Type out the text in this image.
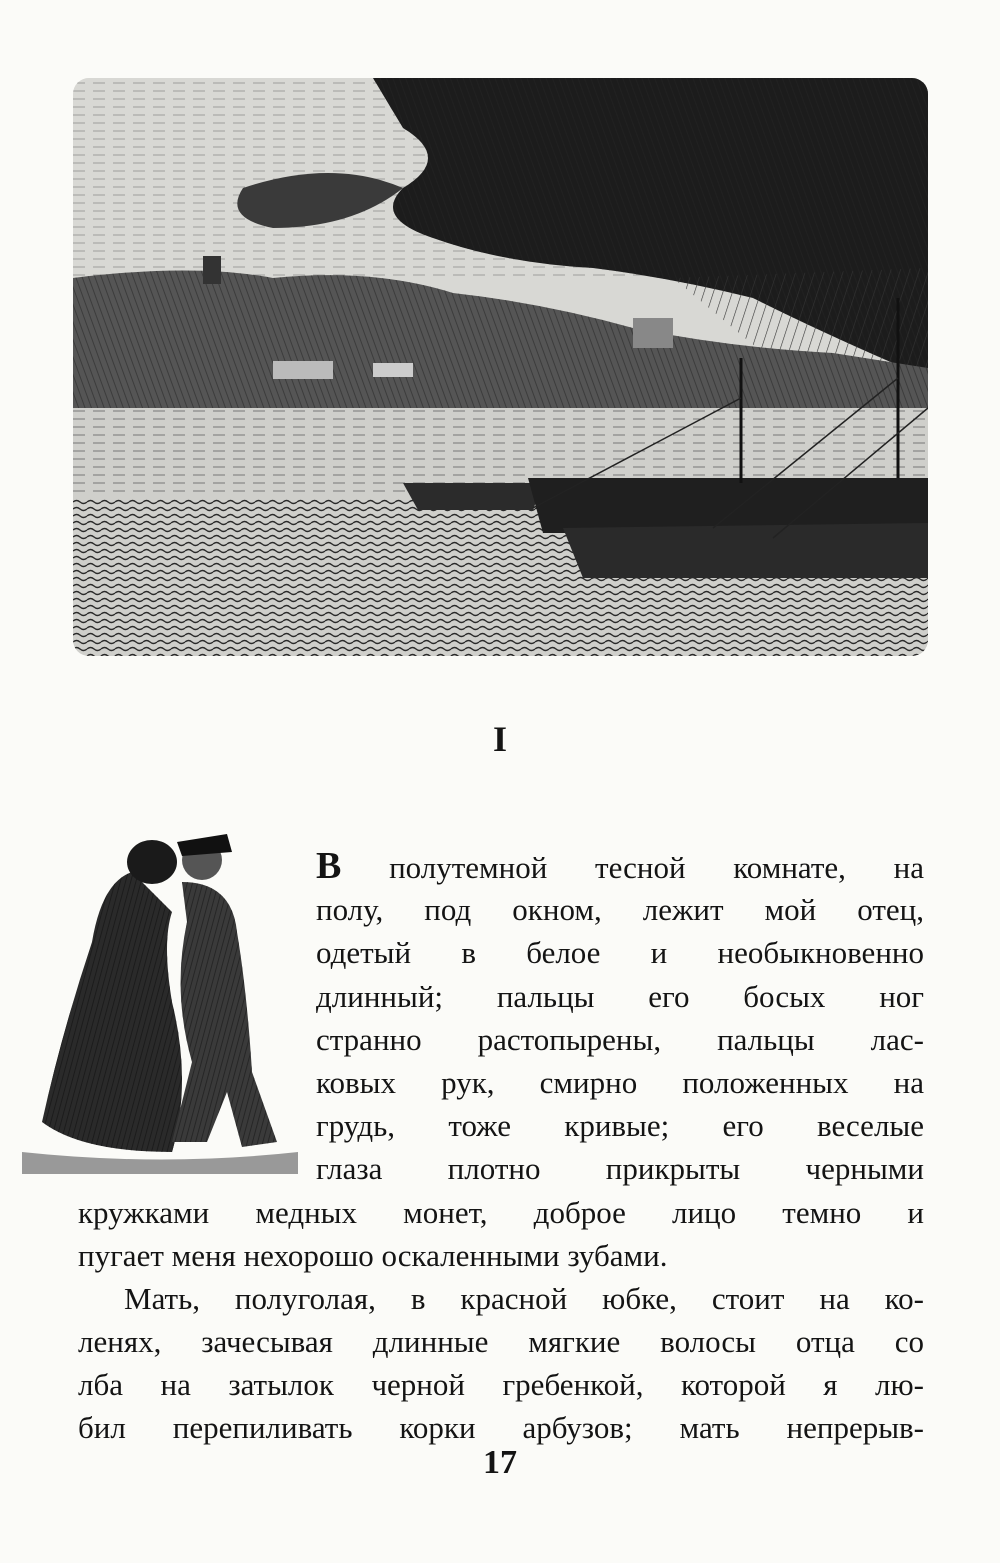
I
В полутемной тесной комнате, на
полу, под окном, лежит мой отец,
одетый в белое и необыкновенно
длинный; пальцы его босых ног
странно растопырены, пальцы лас-
ковых рук, смирно положенных на
грудь, тоже кривые; его веселые
глаза плотно прикрыты черными
кружками медных монет, доброе лицо темно и
пугает меня нехорошо оскаленными зубами.
Мать, полуголая, в красной юбке, стоит на ко-
ленях, зачесывая длинные мягкие волосы отца со
лба на затылок черной гребенкой, которой я лю-
бил перепиливать корки арбузов; мать непрерыв-
17
